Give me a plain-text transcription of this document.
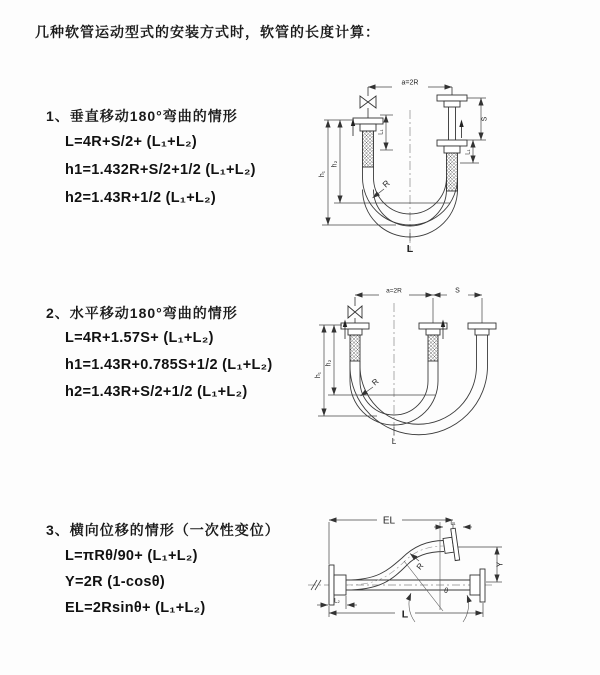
几种软管运动型式的安装方式时，软管的长度计算：
1、垂直移动180°弯曲的情形
L=4R+S/2+ (L₁+L₂)
h1=1.432R+S/2+1/2 (L₁+L₂)
h2=1.43R+1/2 (L₁+L₂)
2、水平移动180°弯曲的情形
L=4R+1.57S+ (L₁+L₂)
h1=1.43R+0.785S+1/2 (L₁+L₂)
h2=1.43R+S/2+1/2 (L₁+L₂)
3、横向位移的情形（一次性变位）
L=πRθ/90+ (L₁+L₂)
Y=2R (1-cosθ)
EL=2Rsinθ+ (L₁+L₂)
a=2R
S
L₁
L₁
h₁
h₂
R
L
a=2R	S
h₁
h₂
R
L
EL	L₁
Y
R
θ
L
L₂
